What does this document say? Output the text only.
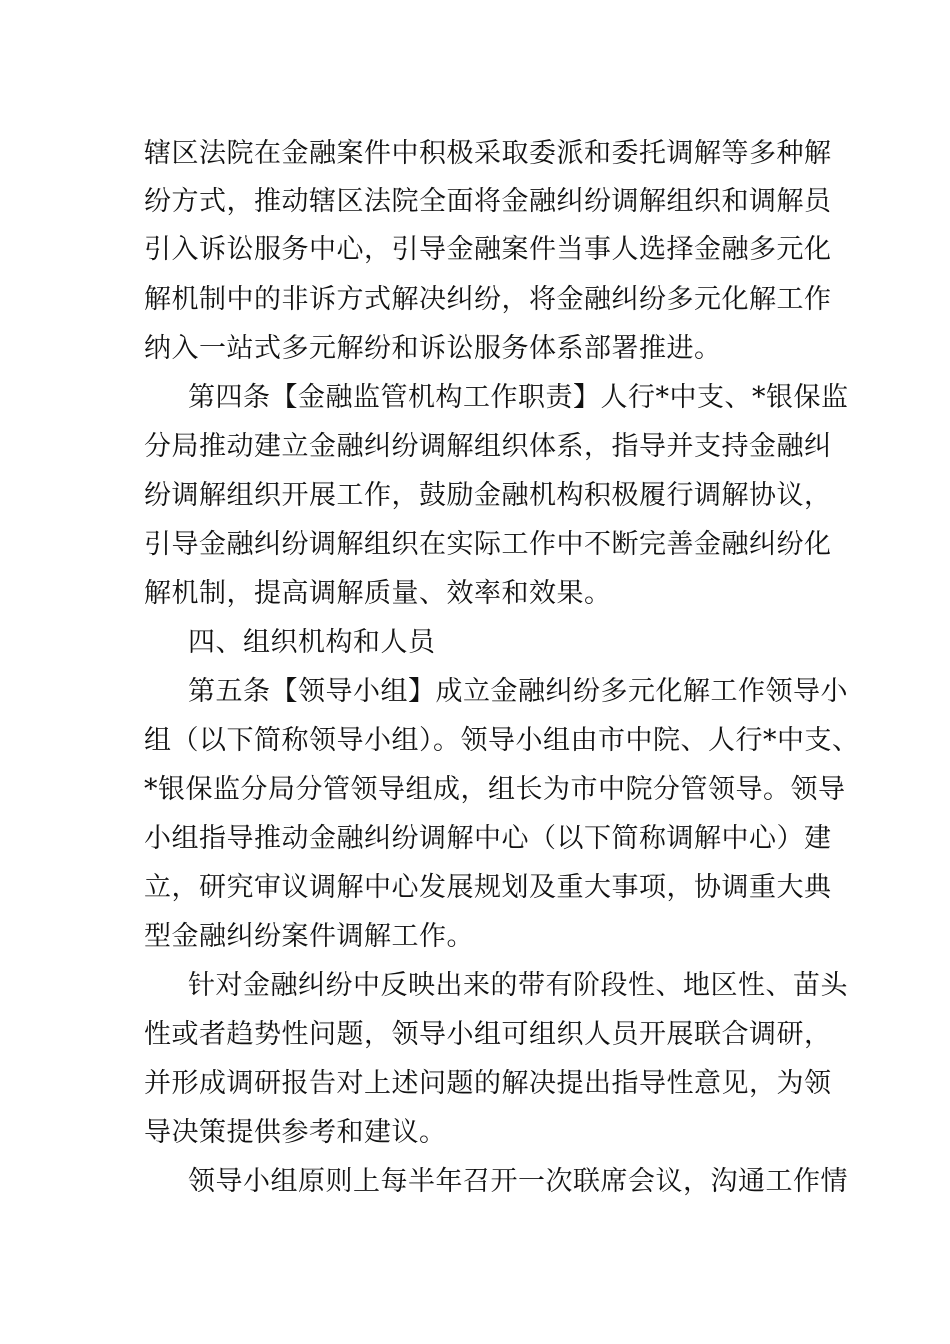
辖区法院在金融案件中积极采取委派和委托调解等多种解
纷方式，推动辖区法院全面将金融纠纷调解组织和调解员
引入诉讼服务中心，引导金融案件当事人选择金融多元化
解机制中的非诉方式解决纠纷，将金融纠纷多元化解工作
纳入一站式多元解纷和诉讼服务体系部署推进。
第四条【金融监管机构工作职责】人行*中支、*银保监
分局推动建立金融纠纷调解组织体系，指导并支持金融纠
纷调解组织开展工作，鼓励金融机构积极履行调解协议，
引导金融纠纷调解组织在实际工作中不断完善金融纠纷化
解机制，提高调解质量、效率和效果。
四、组织机构和人员
第五条【领导小组】成立金融纠纷多元化解工作领导小
组（以下简称领导小组）。领导小组由市中院、人行*中支、
*银保监分局分管领导组成，组长为市中院分管领导。领导
小组指导推动金融纠纷调解中心（以下简称调解中心）建
立，研究审议调解中心发展规划及重大事项，协调重大典
型金融纠纷案件调解工作。
针对金融纠纷中反映出来的带有阶段性、地区性、苗头
性或者趋势性问题，领导小组可组织人员开展联合调研，
并形成调研报告对上述问题的解决提出指导性意见，为领
导决策提供参考和建议。
领导小组原则上每半年召开一次联席会议，沟通工作情
